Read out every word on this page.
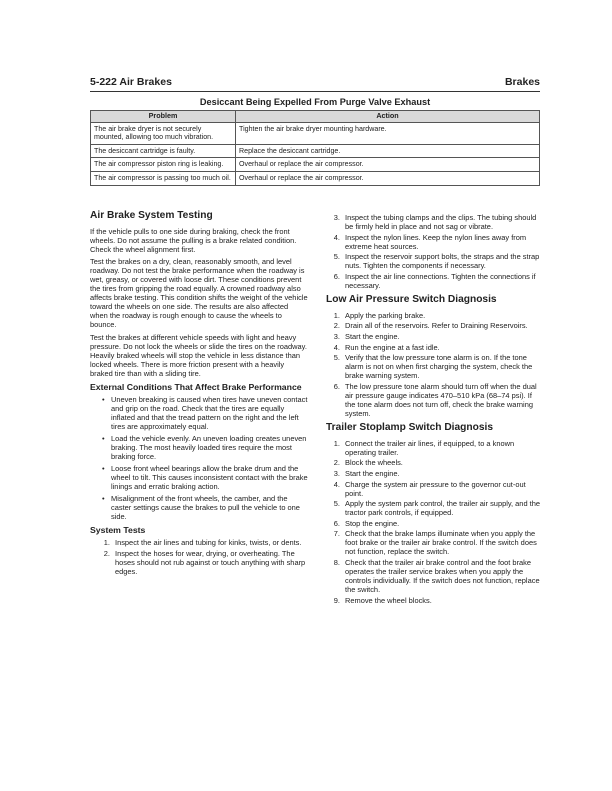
5-222 Air Brakes	Brakes
Desiccant Being Expelled From Purge Valve Exhaust
Problem	Action
The air brake dryer is not securely mounted, allowing too much vibration.	Tighten the air brake dryer mounting hardware.
The desiccant cartridge is faulty.	Replace the desiccant cartridge.
The air compressor piston ring is leaking.	Overhaul or replace the air compressor.
The air compressor is passing too much oil.	Overhaul or replace the air compressor.
Air Brake System Testing

If the vehicle pulls to one side during braking, check the front wheels. Do not assume the pulling is a brake related condition. Check the wheel alignment first.

Test the brakes on a dry, clean, reasonably smooth, and level roadway. Do not test the brake performance when the roadway is wet, greasy, or covered with loose dirt. These conditions prevent the tires from gripping the road equally. A crowned roadway also affects brake testing. This condition shifts the weight of the vehicle toward the wheels on one side. The results are also affected when the roadway is rough enough to cause the wheels to bounce.

Test the brakes at different vehicle speeds with light and heavy pressure. Do not lock the wheels or slide the tires on the roadway. Heavily braked wheels will stop the vehicle in less distance than locked wheels. There is more friction present with a heavily braked tire than with a sliding tire.

External Conditions That Affect Brake Performance
• Uneven breaking is caused when tires have uneven contact and grip on the road. Check that the tires are equally inflated and that the tread pattern on the right and the left tires are approximately equal.
• Load the vehicle evenly. An uneven loading creates uneven braking. The most heavily loaded tires require the most braking force.
• Loose front wheel bearings allow the brake drum and the wheel to tilt. This causes inconsistent contact with the brake linings and erratic braking action.
• Misalignment of the front wheels, the camber, and the caster settings cause the brakes to pull the vehicle to one side.
System Tests
1. Inspect the air lines and tubing for kinks, twists, or dents.
2. Inspect the hoses for wear, drying, or overheating. The hoses should not rub against or touch anything with sharp edges.
3. Inspect the tubing clamps and the clips. The tubing should be firmly held in place and not sag or vibrate.
4. Inspect the nylon lines. Keep the nylon lines away from extreme heat sources.
5. Inspect the reservoir support bolts, the straps and the strap nuts. Tighten the components if necessary.
6. Inspect the air line connections. Tighten the connections if necessary.
Low Air Pressure Switch Diagnosis
1. Apply the parking brake.
2. Drain all of the reservoirs. Refer to Draining Reservoirs.
3. Start the engine.
4. Run the engine at a fast idle.
5. Verify that the low pressure tone alarm is on. If the tone alarm is not on when first charging the system, check the brake warning system.
6. The low pressure tone alarm should turn off when the dual air pressure gauge indicates 470–510 kPa (68–74 psi). If the tone alarm does not turn off, check the brake warning system.
Trailer Stoplamp Switch Diagnosis
1. Connect the trailer air lines, if equipped, to a known operating trailer.
2. Block the wheels.
3. Start the engine.
4. Charge the system air pressure to the governor cut-out point.
5. Apply the system park control, the trailer air supply, and the tractor park controls, if equipped.
6. Stop the engine.
7. Check that the brake lamps illuminate when you apply the foot brake or the trailer air brake control. If the switch does not function, replace the switch.
8. Check that the trailer air brake control and the foot brake operates the trailer service brakes when you apply the controls individually. If the switch does not function, replace the switch.
9. Remove the wheel blocks.
